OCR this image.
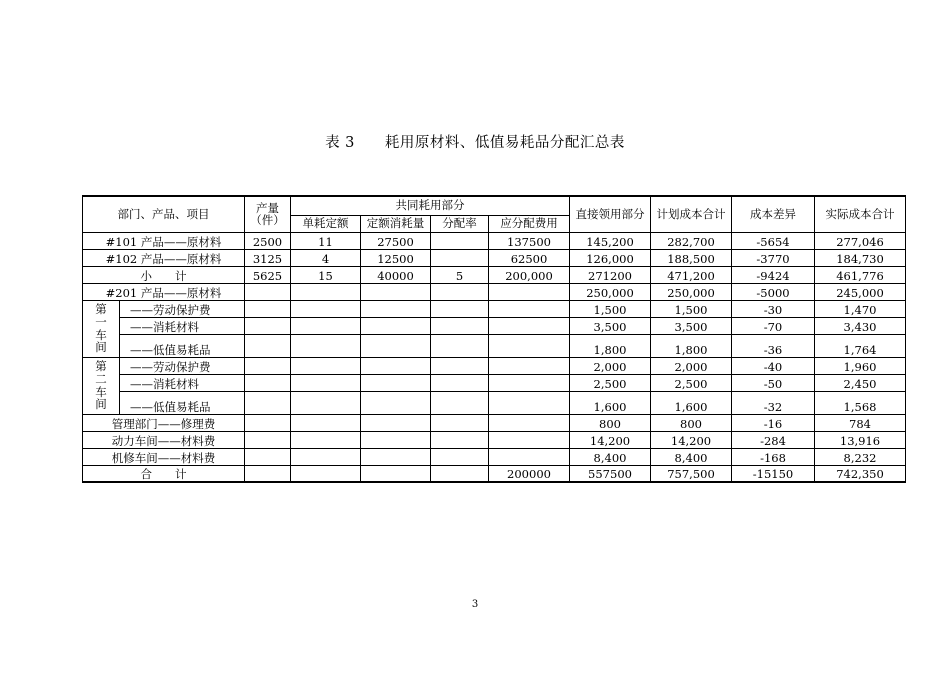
表 3 耗用原材料、低值易耗品分配汇总表
部门、产品、项目		产量
（件）	共同耗用部分				直接领用部分	计划成本合计	成本差异	实际成本合计
			单耗定额	定额消耗量	分配率	应分配费用				
#101 产品——原材料		2500	11	27500		137500	145,200	282,700	-5654	277,046
#102 产品——原材料		3125	4	12500		62500	126,000	188,500	-3770	184,730
小　　计		5625	15	40000	5	200,000	271200	471,200	-9424	461,776
#201 产品——原材料							250,000	250,000	-5000	245,000

第
一
车
间	——劳动保护费						1,500	1,500	-30	1,470
	——消耗材料						3,500	3,500	-70	3,430
	——低值易耗品						1,800	1,800	-36	1,764

第
二
车
间	——劳动保护费						2,000	2,000	-40	1,960
	——消耗材料						2,500	2,500	-50	2,450
	——低值易耗品						1,600	1,600	-32	1,568
管理部门——修理费							800	800	-16	784
动力车间——材料费							14,200	14,200	-284	13,916
机修车间——材料费							8,400	8,400	-168	8,232
合　　计						200000	557500	757,500	-15150	742,350
3
